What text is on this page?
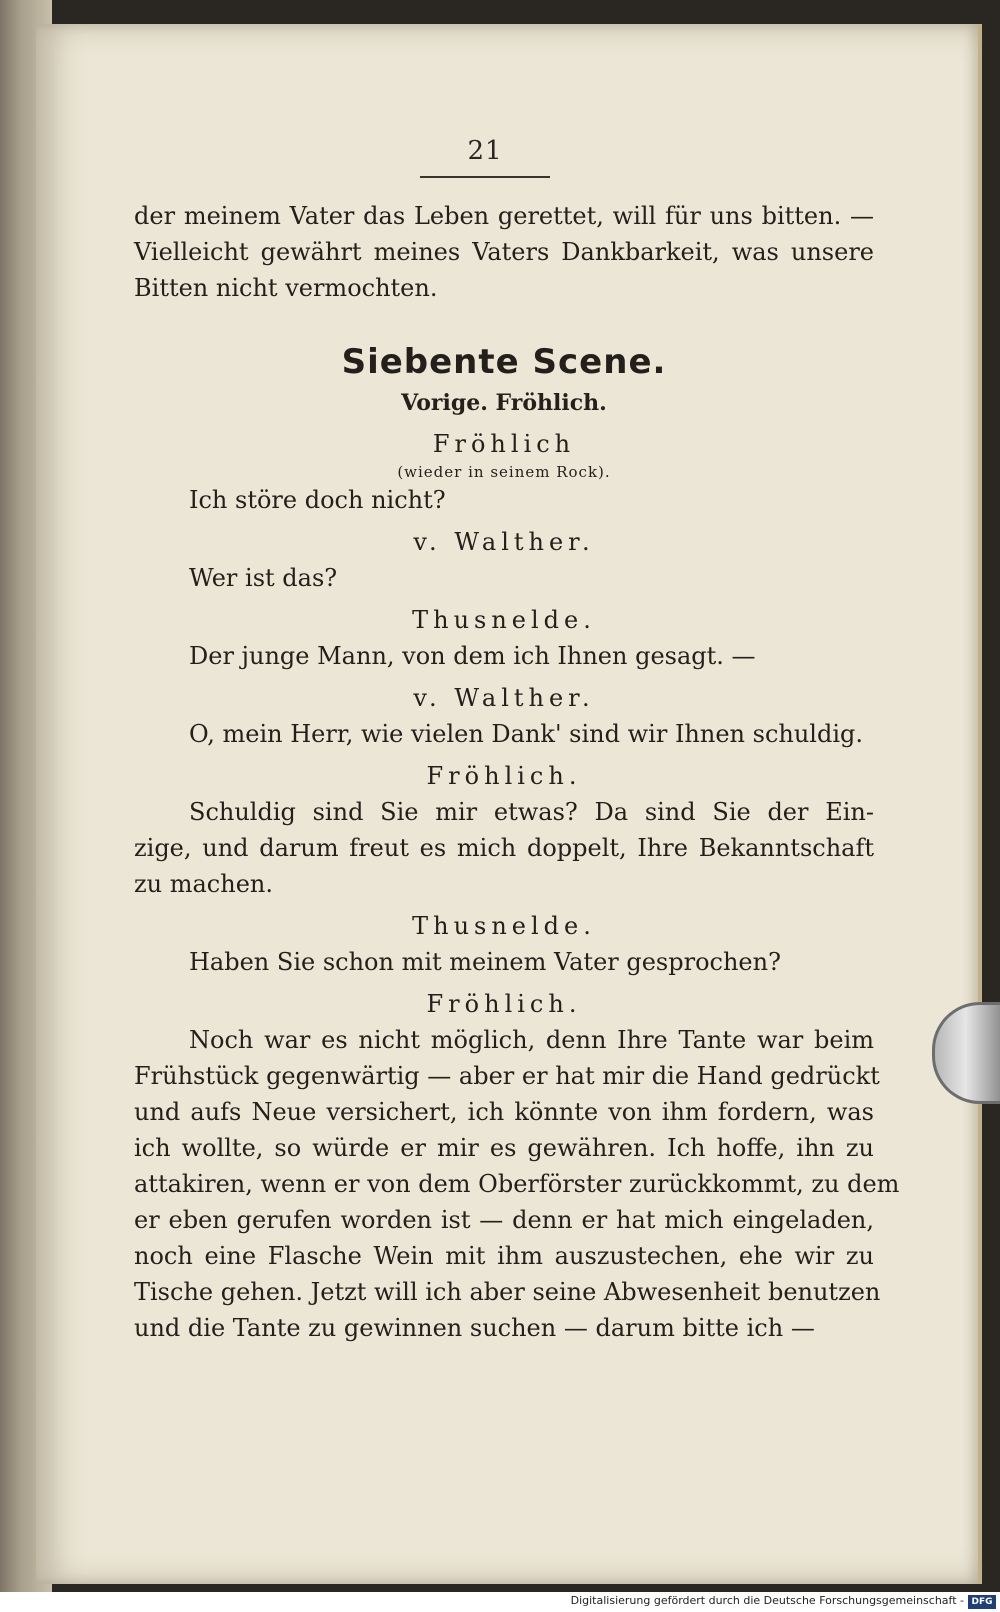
21
der meinem Vater das Leben gerettet, will für uns bitten. —
Vielleicht gewährt meines Vaters Dankbarkeit, was unsere
Bitten nicht vermochten.
Siebente Scene.
Vorige. Fröhlich.
Fröhlich
(wieder in seinem Rock).
Ich störe doch nicht?
v. Walther.
Wer ist das?
Thusnelde.
Der junge Mann, von dem ich Ihnen gesagt. —
v. Walther.
O, mein Herr, wie vielen Dank' sind wir Ihnen schuldig.
Fröhlich.
Schuldig sind Sie mir etwas? Da sind Sie der Ein-
zige, und darum freut es mich doppelt, Ihre Bekanntschaft
zu machen.
Thusnelde.
Haben Sie schon mit meinem Vater gesprochen?
Fröhlich.
Noch war es nicht möglich, denn Ihre Tante war beim
Frühstück gegenwärtig — aber er hat mir die Hand gedrückt
und aufs Neue versichert, ich könnte von ihm fordern, was
ich wollte, so würde er mir es gewähren. Ich hoffe, ihn zu
attakiren, wenn er von dem Oberförster zurückkommt, zu dem
er eben gerufen worden ist — denn er hat mich eingeladen,
noch eine Flasche Wein mit ihm auszustechen, ehe wir zu
Tische gehen. Jetzt will ich aber seine Abwesenheit benutzen
und die Tante zu gewinnen suchen — darum bitte ich —
Digitalisierung gefördert durch die Deutsche Forschungsgemeinschaft - DFG
